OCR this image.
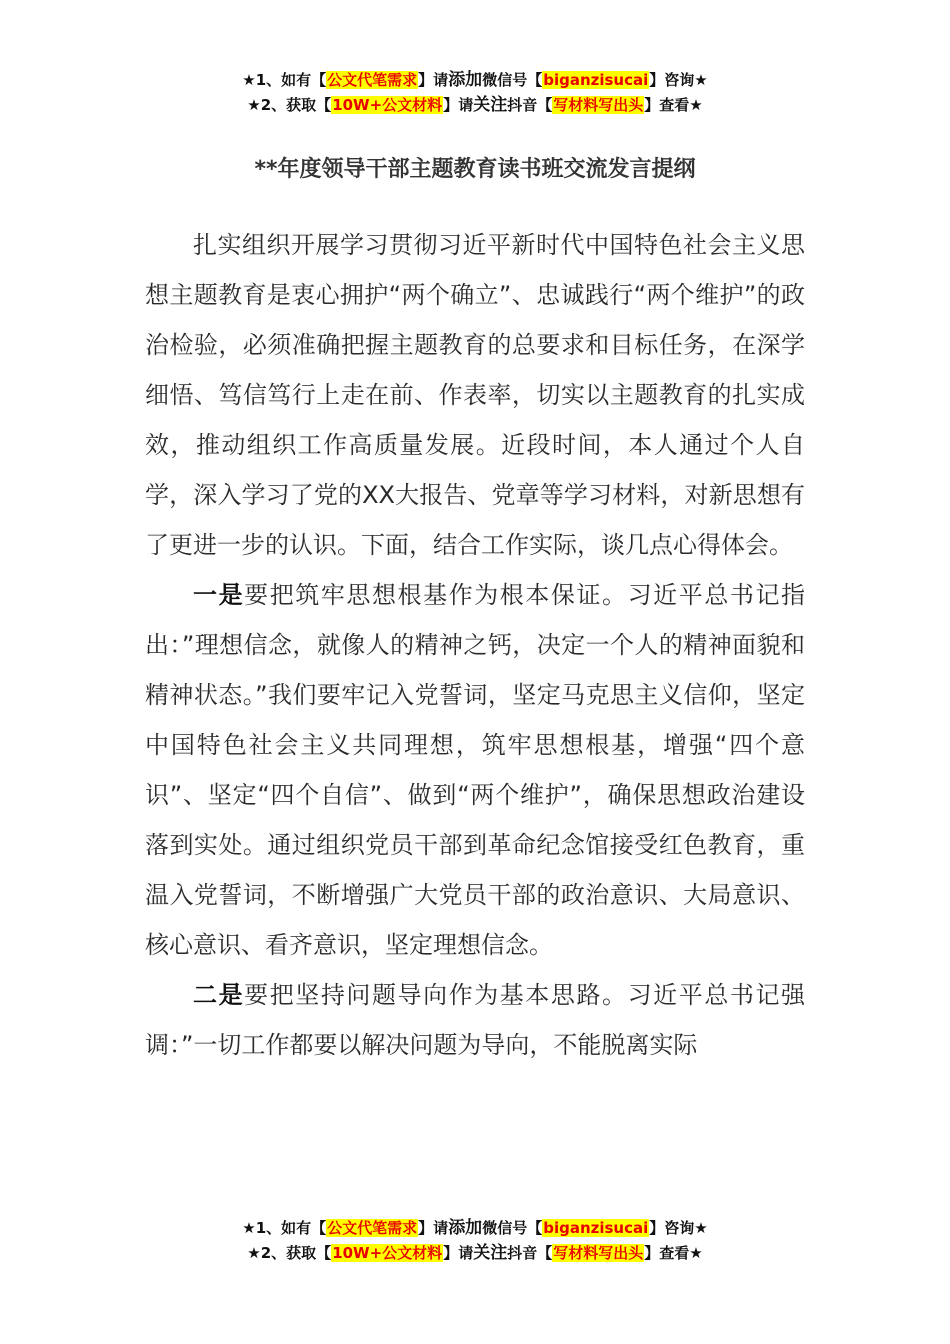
★1、如有【公文代笔需求】请添加微信号【biganzisucai】咨询★
★2、获取【10W+公文材料】请关注抖音【写材料写出头】查看★
**年度领导干部主题教育读书班交流发言提纲

扎实组织开展学习贯彻习近平新时代中国特色社会主义思想主题教育是衷心拥护“两个确立”、忠诚践行“两个维护”的政治检验，必须准确把握主题教育的总要求和目标任务，在深学细悟、笃信笃行上走在前、作表率，切实以主题教育的扎实成效，推动组织工作高质量发展。近段时间，本人通过个人自学，深入学习了党的XX大报告、党章等学习材料，对新思想有了更进一步的认识。下面，结合工作实际，谈几点心得体会。

一是要把筑牢思想根基作为根本保证。习近平总书记指出：”理想信念，就像人的精神之钙，决定一个人的精神面貌和精神状态。”我们要牢记入党誓词，坚定马克思主义信仰，坚定中国特色社会主义共同理想，筑牢思想根基，增强“四个意识”、坚定“四个自信”、做到“两个维护”，确保思想政治建设落到实处。通过组织党员干部到革命纪念馆接受红色教育，重温入党誓词，不断增强广大党员干部的政治意识、大局意识、核心意识、看齐意识，坚定理想信念。

二是要把坚持问题导向作为基本思路。习近平总书记强调：”一切工作都要以解决问题为导向，不能脱离实际

★1、如有【公文代笔需求】请添加微信号【biganzisucai】咨询★
★2、获取【10W+公文材料】请关注抖音【写材料写出头】查看★
